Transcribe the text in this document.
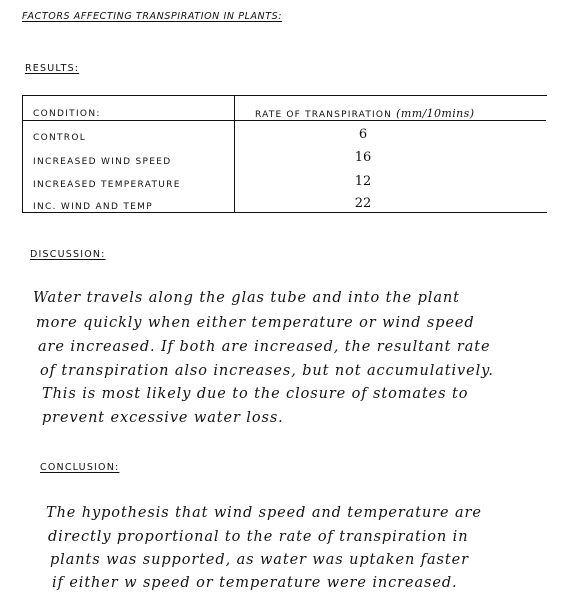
FACTORS AFFECTING TRANSPIRATION IN PLANTS:
RESULTS:
CONDITION:	RATE OF TRANSPIRATION (mm/10mins)
CONTROL	6
INCREASED WIND SPEED	16
INCREASED TEMPERATURE	12
INC. WIND AND TEMP	22
DISCUSSION:
Water travels along the glas tube and into the plant
more quickly when either temperature or wind speed
are increased. If both are increased, the resultant rate
of transpiration also increases, but not accumulatively.
This is most likely due to the closure of stomates to
prevent excessive water loss.
CONCLUSION:
The hypothesis that wind speed and temperature are
directly proportional to the rate of transpiration in
plants was supported, as water was uptaken faster
if either w speed or temperature were increased.
